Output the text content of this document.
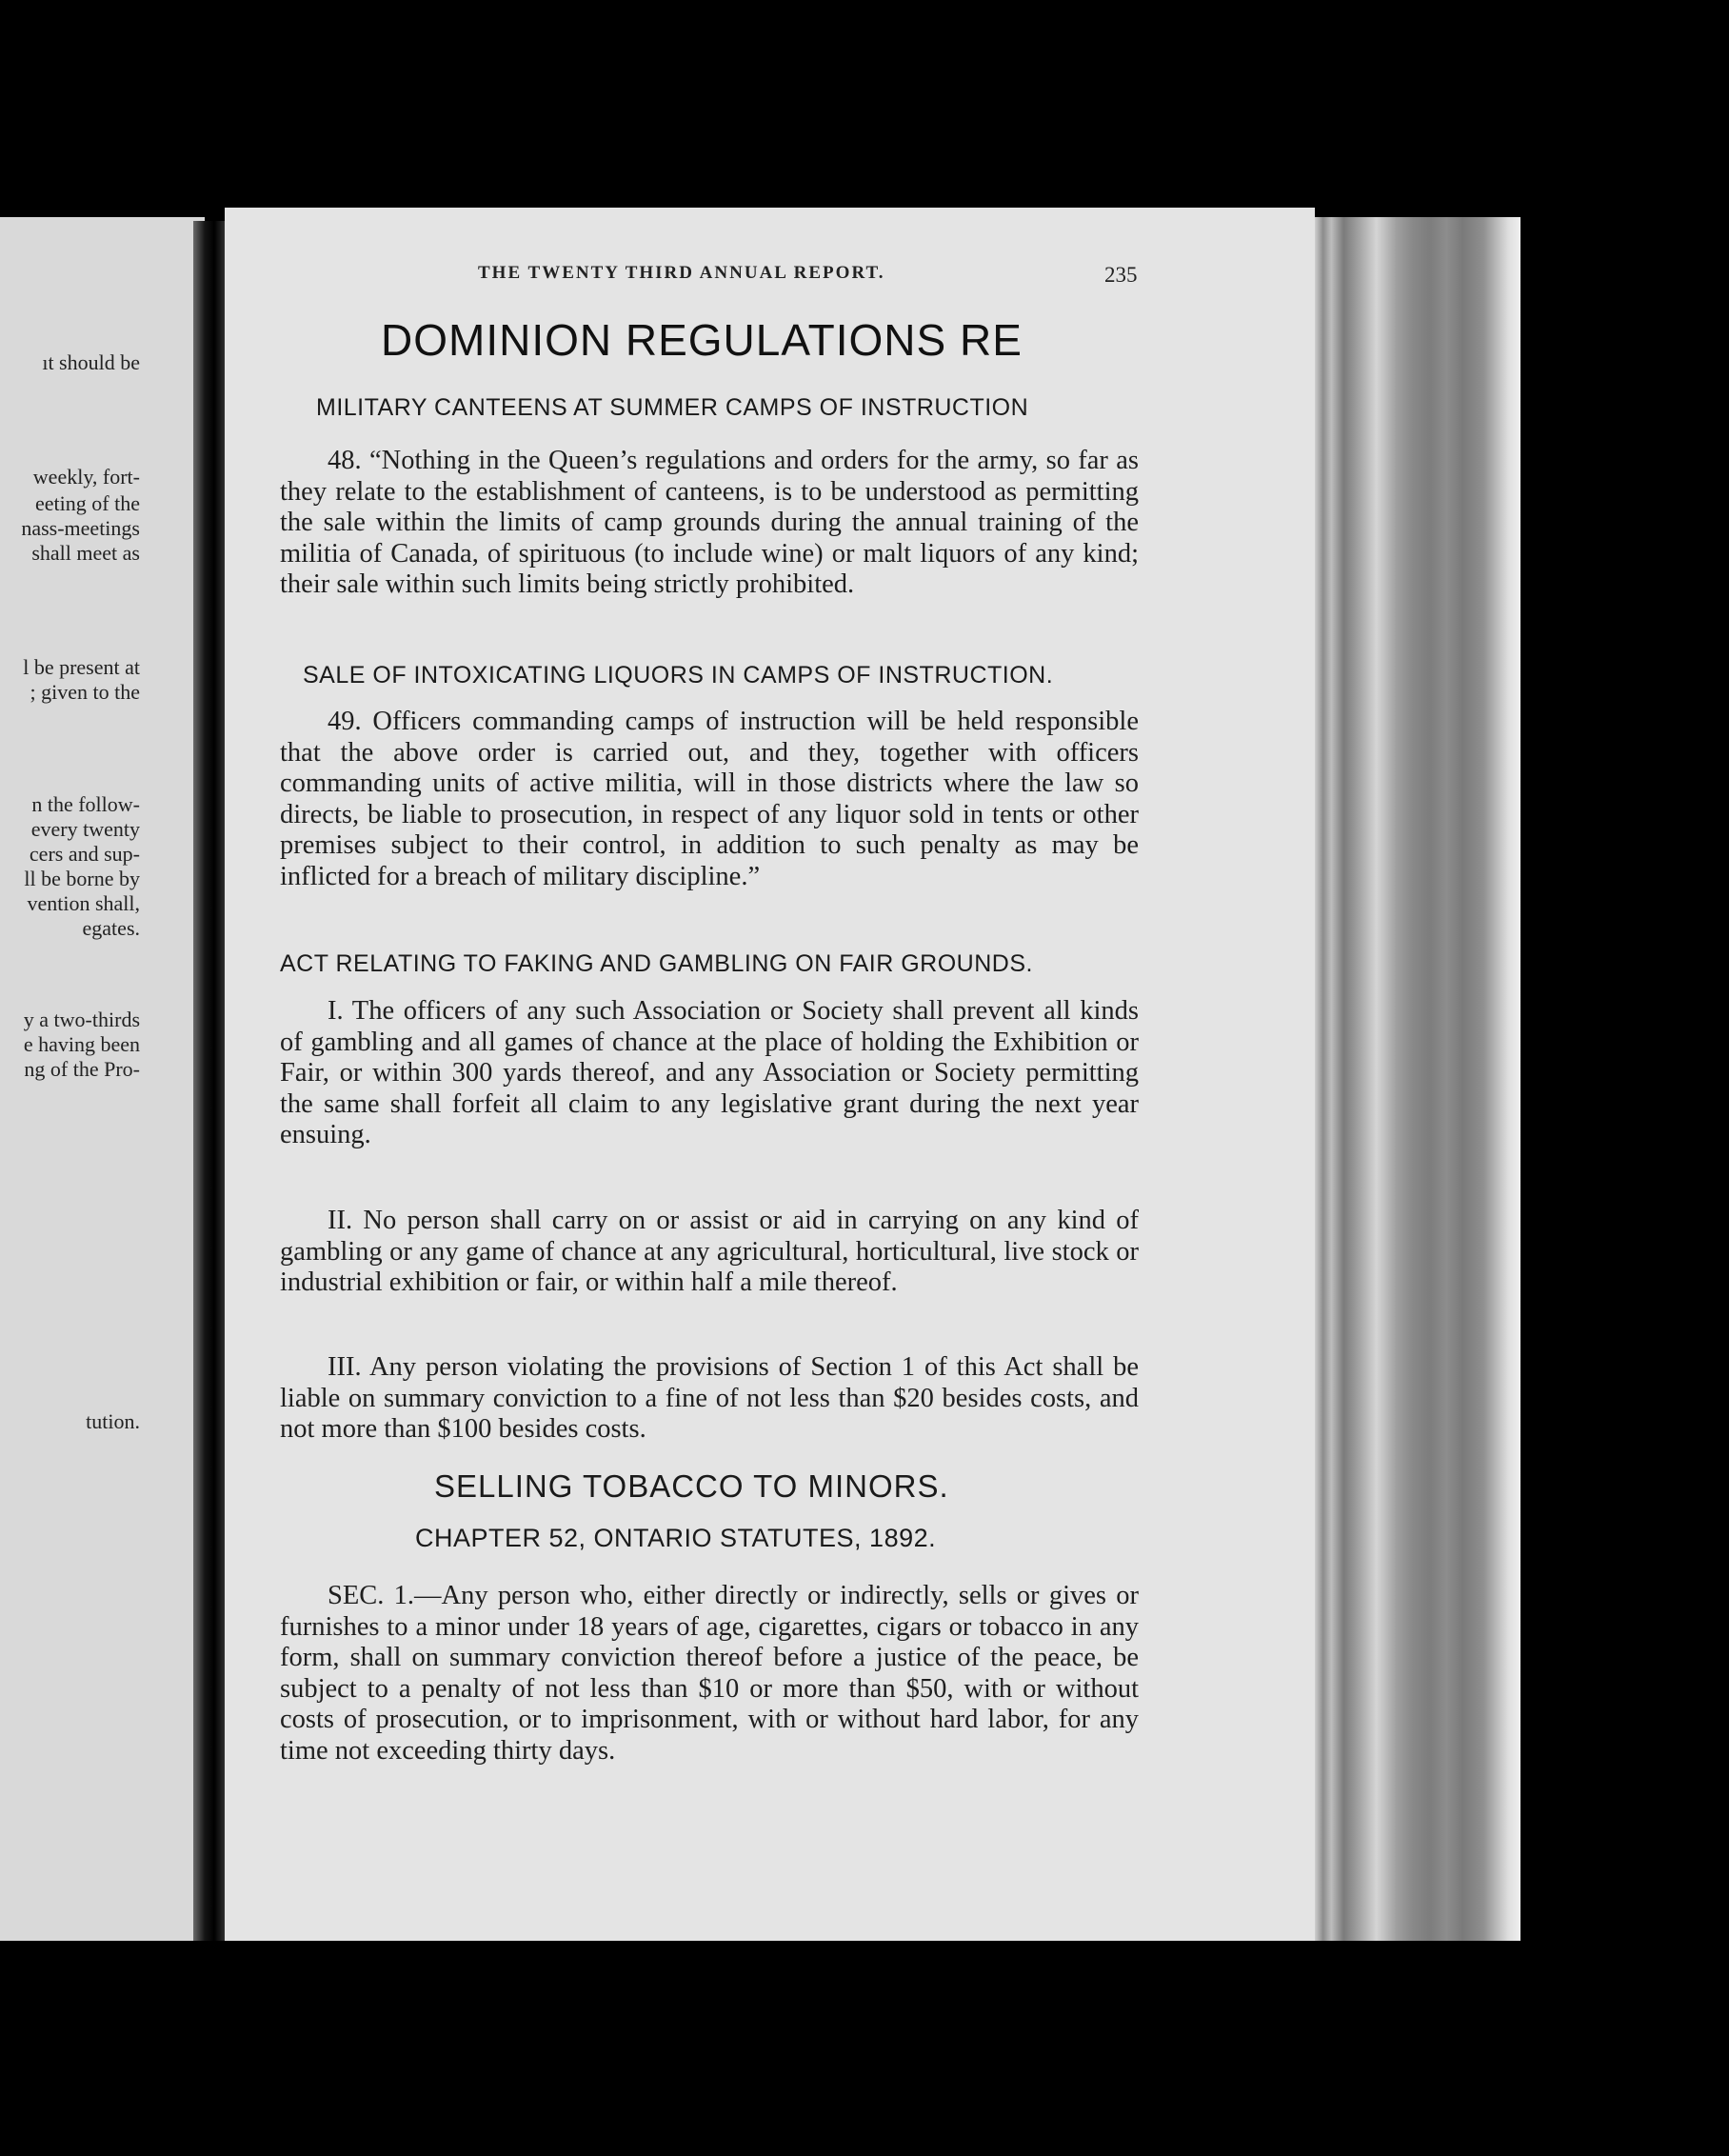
ıt should be
weekly, fort-
eeting of the
nass-meetings
shall meet as
l be present at
; given to the
n the follow-
every twenty
cers and sup-
ll be borne by
vention shall,
egates.
y a two-thirds
e having been
ng of the Pro-
tution.
THE TWENTY THIRD ANNUAL REPORT.	235
DOMINION REGULATIONS RE
MILITARY CANTEENS AT SUMMER CAMPS OF INSTRUCTION
48. “Nothing in the Queen’s regulations and orders for the army, so far as they relate to the establishment of canteens, is to be understood as permitting the sale within the limits of camp grounds during the annual training of the militia of Canada, of spirituous (to include wine) or malt liquors of any kind; their sale within such limits being strictly prohibited.
SALE OF INTOXICATING LIQUORS IN CAMPS OF INSTRUCTION.
49. Officers commanding camps of instruction will be held responsible that the above order is carried out, and they, together with officers commanding units of active militia, will in those districts where the law so directs, be liable to prosecution, in respect of any liquor sold in tents or other premises subject to their control, in addition to such penalty as may be inflicted for a breach of military discipline.”
ACT RELATING TO FAKING AND GAMBLING ON FAIR GROUNDS.
I. The officers of any such Association or Society shall prevent all kinds of gambling and all games of chance at the place of holding the Exhibition or Fair, or within 300 yards thereof, and any Association or Society permitting the same shall forfeit all claim to any legislative grant during the next year ensuing.
II. No person shall carry on or assist or aid in carrying on any kind of gambling or any game of chance at any agricultural, horticultural, live stock or industrial exhibition or fair, or within half a mile thereof.
III. Any person violating the provisions of Section 1 of this Act shall be liable on summary conviction to a fine of not less than $20 besides costs, and not more than $100 besides costs.
SELLING TOBACCO TO MINORS.
CHAPTER 52, ONTARIO STATUTES, 1892.
SEC. 1.—Any person who, either directly or indirectly, sells or gives or furnishes to a minor under 18 years of age, cigarettes, cigars or tobacco in any form, shall on summary conviction thereof before a justice of the peace, be subject to a penalty of not less than $10 or more than $50, with or without costs of prosecution, or to imprisonment, with or without hard labor, for any time not exceeding thirty days.
